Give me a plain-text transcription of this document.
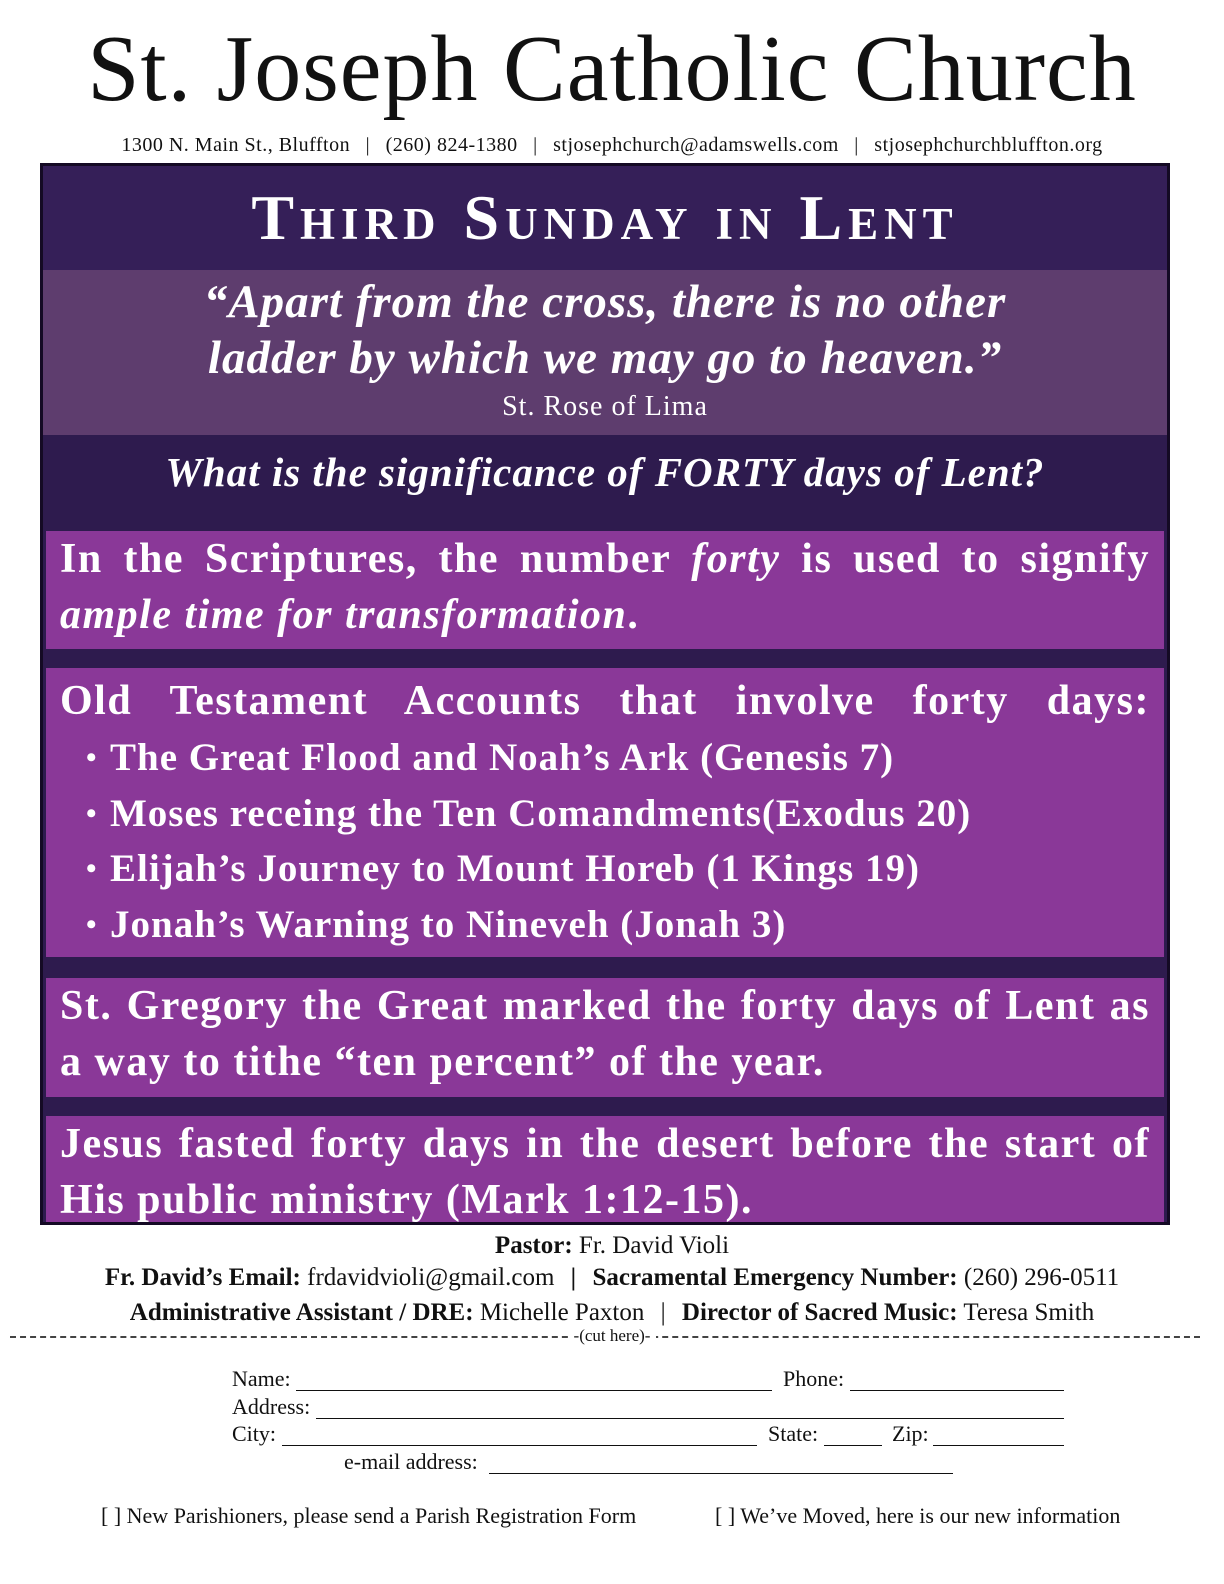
St. Joseph Catholic Church
1300 N. Main St., Bluffton | (260) 824-1380 | stjosephchurch@adamswells.com | stjosephchurchbluffton.org
Third Sunday in Lent
“Apart from the cross, there is no other
ladder by which we may go to heaven.”
St. Rose of Lima
What is the significance of FORTY days of Lent?
In the Scriptures, the number forty is used to signify ample time for transformation.
Old Testament Accounts that involve forty days:
• The Great Flood and Noah’s Ark (Genesis 7)
• Moses receing the Ten Comandments(Exodus 20)
• Elijah’s Journey to Mount Horeb (1 Kings 19)
• Jonah’s Warning to Nineveh (Jonah 3)
St. Gregory the Great marked the forty days of Lent as a way to tithe “ten percent” of the year.
Jesus fasted forty days in the desert before the start of His public ministry (Mark 1:12-15).
Pastor: Fr. David Violi
Fr. David’s Email: frdavidvioli@gmail.com | Sacramental Emergency Number: (260) 296-0511
Administrative Assistant / DRE: Michelle Paxton | Director of Sacred Music: Teresa Smith
-(cut here)-
Name:	Phone:
Address:
City:	State:	Zip:
e-mail address:
[ ] New Parishioners, please send a Parish Registration Form	[ ] We’ve Moved, here is our new information
